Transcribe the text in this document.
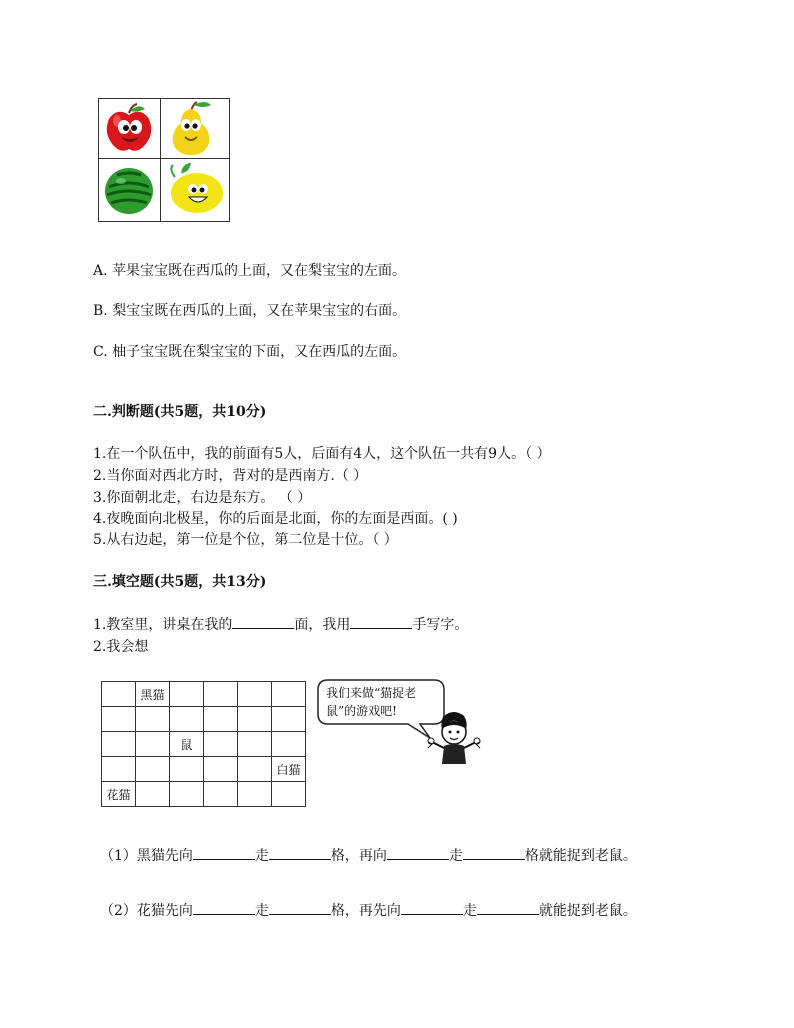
A. 苹果宝宝既在西瓜的上面，又在梨宝宝的左面。
B. 梨宝宝既在西瓜的上面，又在苹果宝宝的右面。
C. 柚子宝宝既在梨宝宝的下面，又在西瓜的左面。
二.判断题(共5题，共10分)
1.在一个队伍中，我的前面有5人，后面有4人，这个队伍一共有9人。（ ）
2.当你面对西北方时，背对的是西南方.（ ）
3.你面朝北走，右边是东方。 （ ）
4.夜晚面向北极星，你的后面是北面，你的左面是西面。( )
5.从右边起，第一位是个位，第二位是十位。（ ）
三.填空题(共5题，共13分)
1.教室里，讲桌在我的	面，我用	手写字。
2.我会想
	黑猫				

		鼠			
					白猫
花猫					
我们来做“猫捉老鼠”的游戏吧!
（1）黑猫先向	走	格，再向	走	格就能捉到老鼠。
（2）花猫先向	走	格，再先向	走	就能捉到老鼠。
